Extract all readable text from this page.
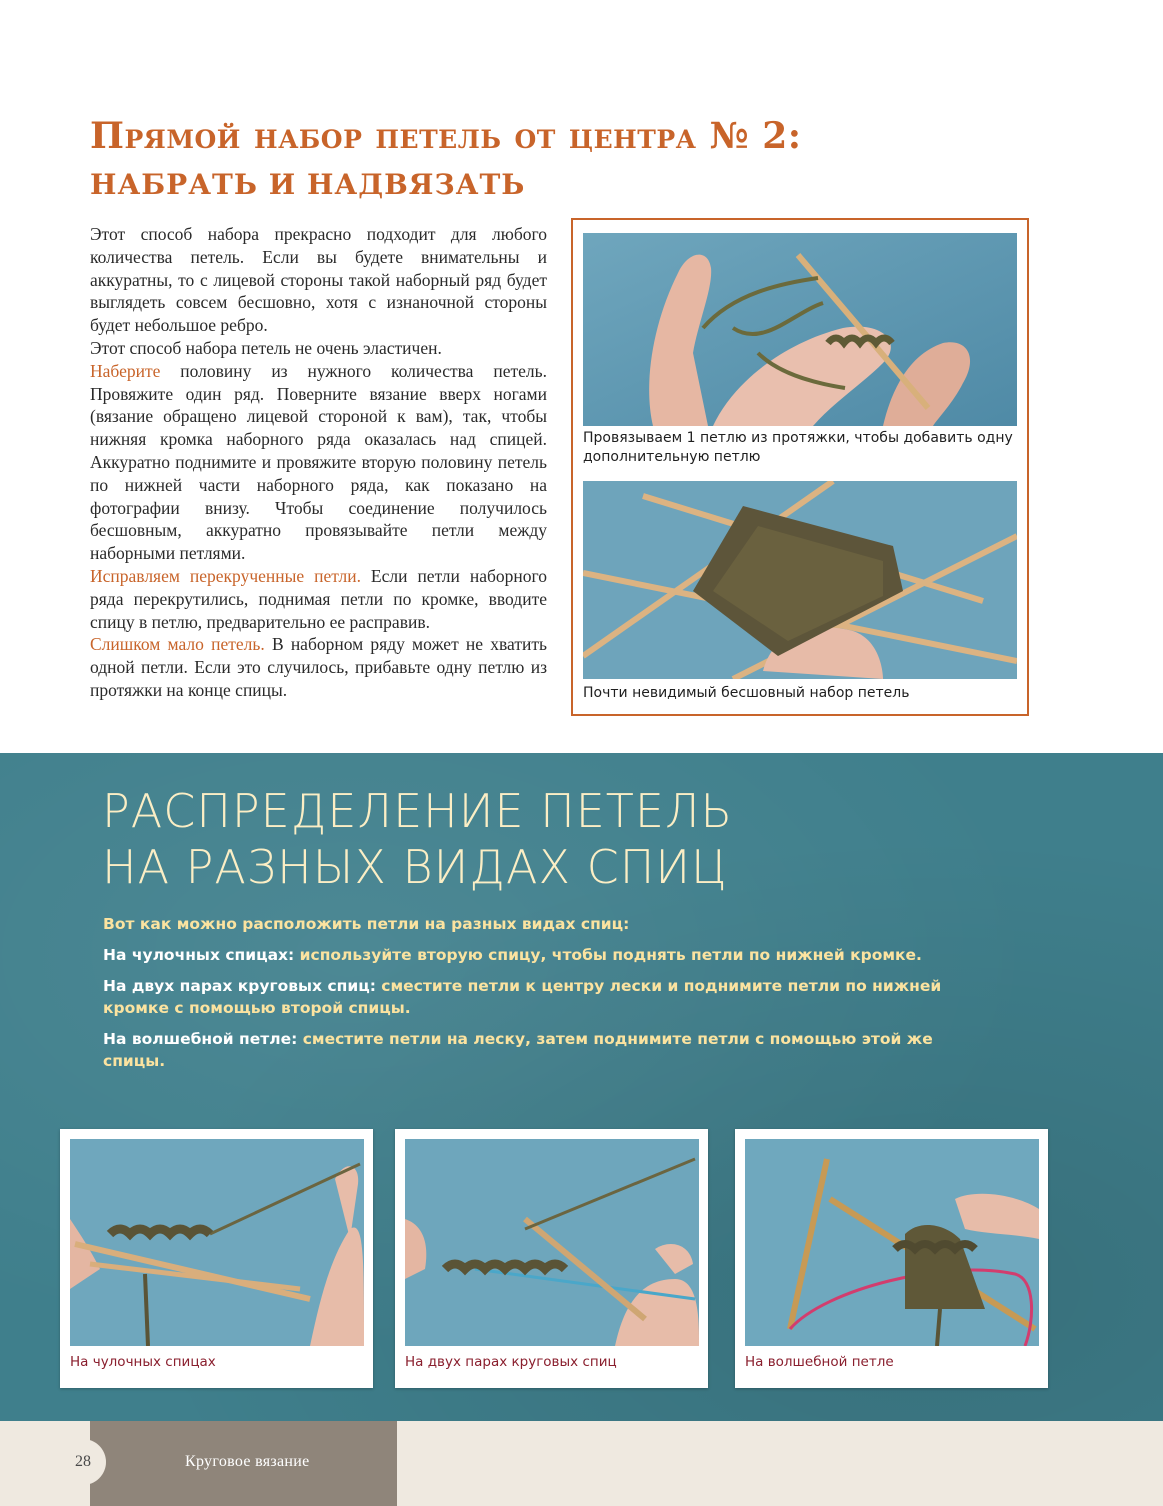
Прямой набор петель от центра № 2:
НАБРАТЬ И НАДВЯЗАТЬ

Этот способ набора прекрасно подходит для любого количества петель. Если вы будете внимательны и аккуратны, то с лицевой стороны такой наборный ряд будет выглядеть совсем бесшовно, хотя с изнаночной стороны будет небольшое ребро.

Этот способ набора петель не очень эластичен.

Наберите половину из нужного количества петель. Провяжите один ряд. Поверните вязание вверх ногами (вязание обращено лицевой стороной к вам), так, чтобы нижняя кромка наборного ряда оказалась над спицей. Аккуратно поднимите и провяжите вторую половину петель по нижней части наборного ряда, как показано на фотографии внизу. Чтобы соединение получилось бесшовным, аккуратно провязывайте петли между наборными петлями.

Исправляем перекрученные петли. Если петли наборного ряда перекрутились, поднимая петли по кромке, вводите спицу в петлю, предварительно ее расправив.

Слишком мало петель. В наборном ряду может не хватить одной петли. Если это случилось, прибавьте одну петлю из протяжки на конце спицы.

Провязываем 1 петлю из протяжки, чтобы добавить одну дополнительную петлю
Почти невидимый бесшовный набор петель
РАСПРЕДЕЛЕНИЕ ПЕТЕЛЬ
НА РАЗНЫХ ВИДАХ СПИЦ

Вот как можно расположить петли на разных видах спиц:

На чулочных спицах: используйте вторую спицу, чтобы поднять петли по нижней кромке.

На двух парах круговых спиц: сместите петли к центру лески и поднимите петли по нижней кромке с помощью второй спицы.

На волшебной петле: сместите петли на леску, затем поднимите петли с помощью этой же спицы.

На чулочных спицах	На двух парах круговых спиц	На волшебной петле
28	Круговое вязание
